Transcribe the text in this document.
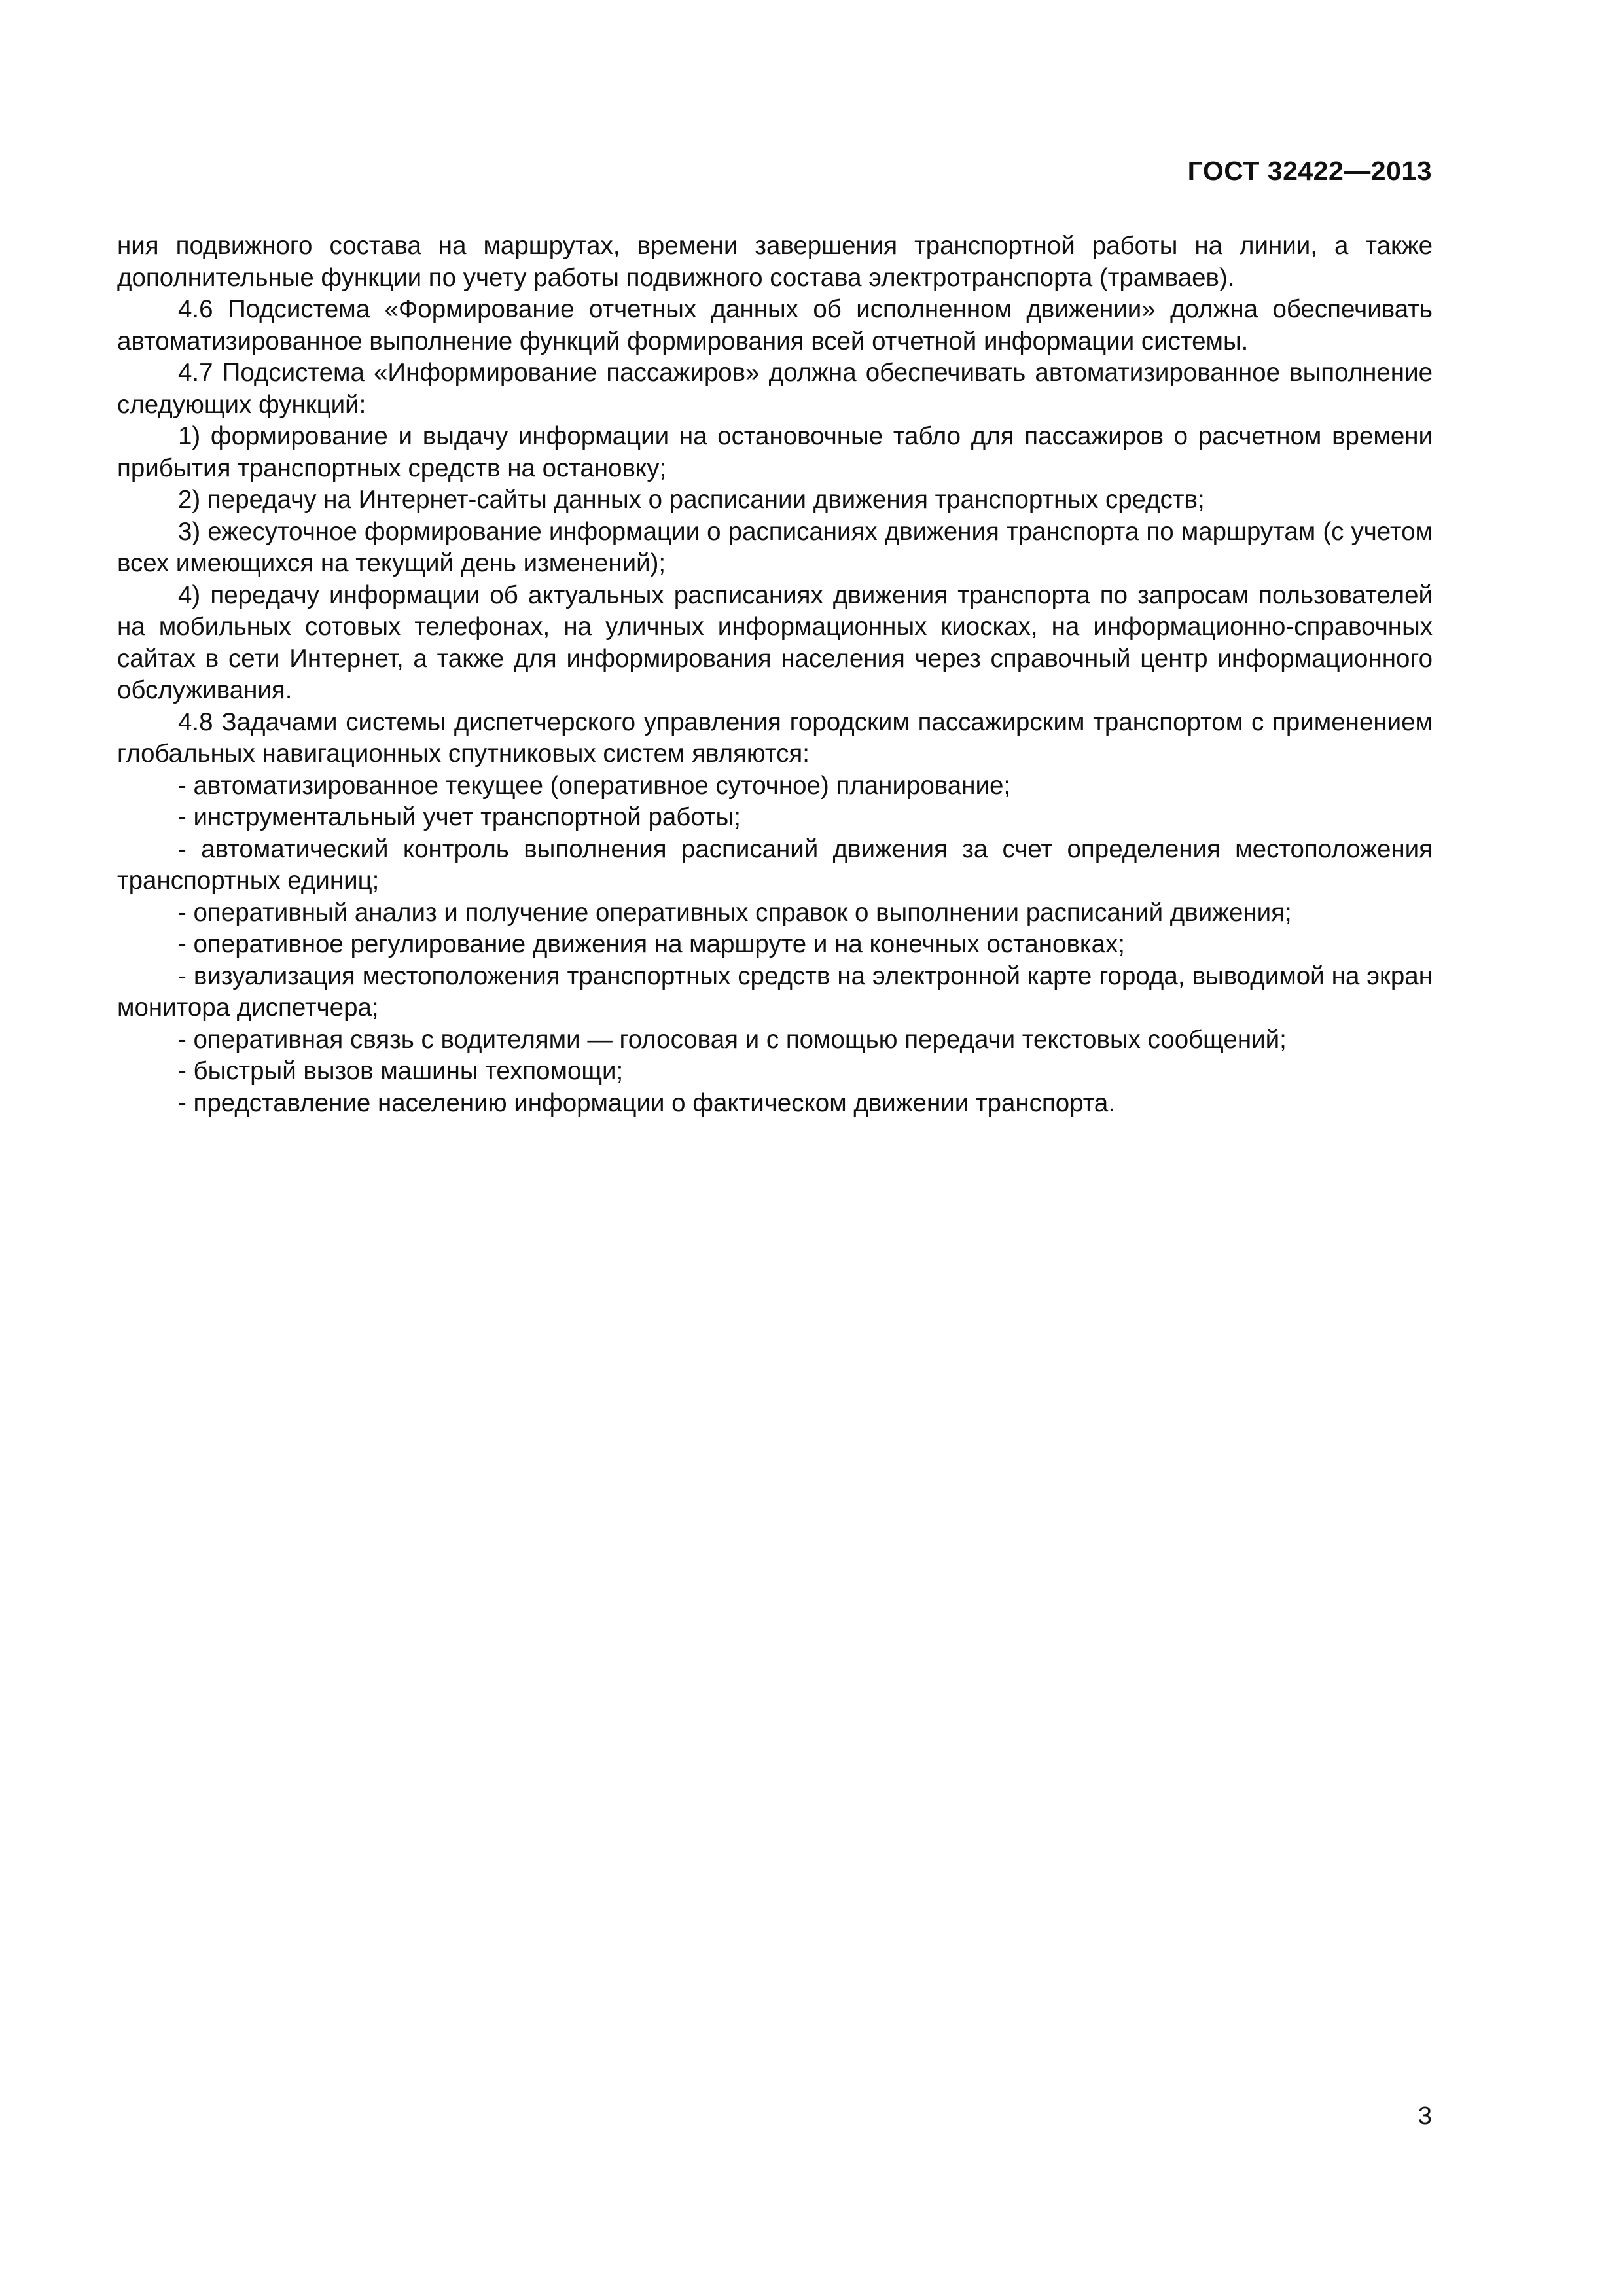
ГОСТ 32422—2013

ния подвижного состава на маршрутах, времени завершения транспортной работы на линии, а также дополнительные функции по учету работы подвижного состава электротранспорта (трамваев).

4.6 Подсистема «Формирование отчетных данных об исполненном движении» должна обеспечивать автоматизированное выполнение функций формирования всей отчетной информации системы.

4.7 Подсистема «Информирование пассажиров» должна обеспечивать автоматизированное выполнение следующих функций:

1) формирование и выдачу информации на остановочные табло для пассажиров о расчетном времени прибытия транспортных средств на остановку;

2) передачу на Интернет-сайты данных о расписании движения транспортных средств;

3) ежесуточное формирование информации о расписаниях движения транспорта по маршрутам (с учетом всех имеющихся на текущий день изменений);

4) передачу информации об актуальных расписаниях движения транспорта по запросам пользователей на мобильных сотовых телефонах, на уличных информационных киосках, на информационно-справочных сайтах в сети Интернет, а также для информирования населения через справочный центр информационного обслуживания.

4.8 Задачами системы диспетчерского управления городским пассажирским транспортом с применением глобальных навигационных спутниковых систем являются:

- автоматизированное текущее (оперативное суточное) планирование;

- инструментальный учет транспортной работы;

- автоматический контроль выполнения расписаний движения за счет определения местоположения транспортных единиц;

- оперативный анализ и получение оперативных справок о выполнении расписаний движения;

- оперативное регулирование движения на маршруте и на конечных остановках;

- визуализация местоположения транспортных средств на электронной карте города, выводимой на экран монитора диспетчера;

- оперативная связь с водителями — голосовая и с помощью передачи текстовых сообщений;

- быстрый вызов машины техпомощи;

- представление населению информации о фактическом движении транспорта.

3
